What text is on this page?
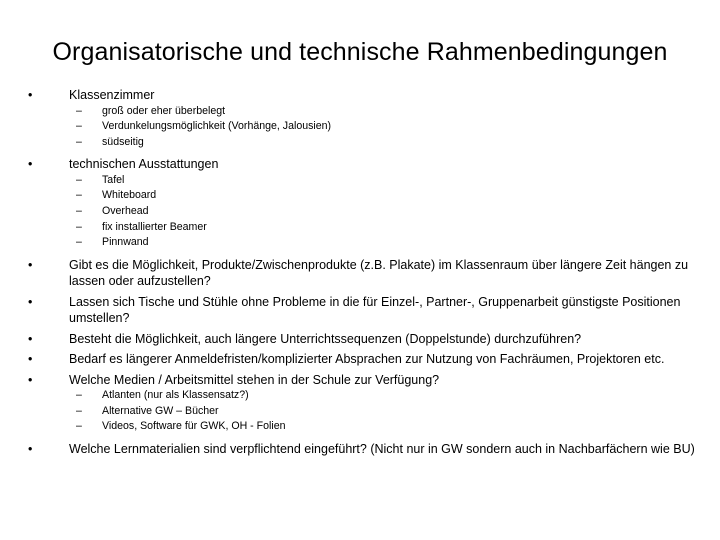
Organisatorische und technische Rahmenbedingungen
•	Klassenzimmer
– groß oder eher überbelegt
– Verdunkelungsmöglichkeit (Vorhänge, Jalousien)
– südseitig
•	technischen Ausstattungen
– Tafel
– Whiteboard
– Overhead
– fix installierter Beamer
– Pinnwand
•	Gibt es die Möglichkeit, Produkte/Zwischenprodukte (z.B. Plakate) im Klassenraum über längere Zeit hängen zu lassen oder aufzustellen?
•	Lassen sich Tische und Stühle ohne Probleme in die für Einzel-, Partner-, Gruppenarbeit günstigste Positionen umstellen?
•	Besteht die Möglichkeit, auch längere Unterrichtssequenzen (Doppelstunde) durchzuführen?
•	Bedarf es längerer Anmeldefristen/komplizierter Absprachen zur Nutzung von Fachräumen, Projektoren etc.
•	Welche Medien / Arbeitsmittel stehen in der Schule zur Verfügung?
– Atlanten (nur als Klassensatz?)
– Alternative GW – Bücher
– Videos, Software für GWK, OH - Folien
•	Welche Lernmaterialien sind verpflichtend eingeführt? (Nicht nur in GW sondern auch in Nachbarfächern wie BU)
